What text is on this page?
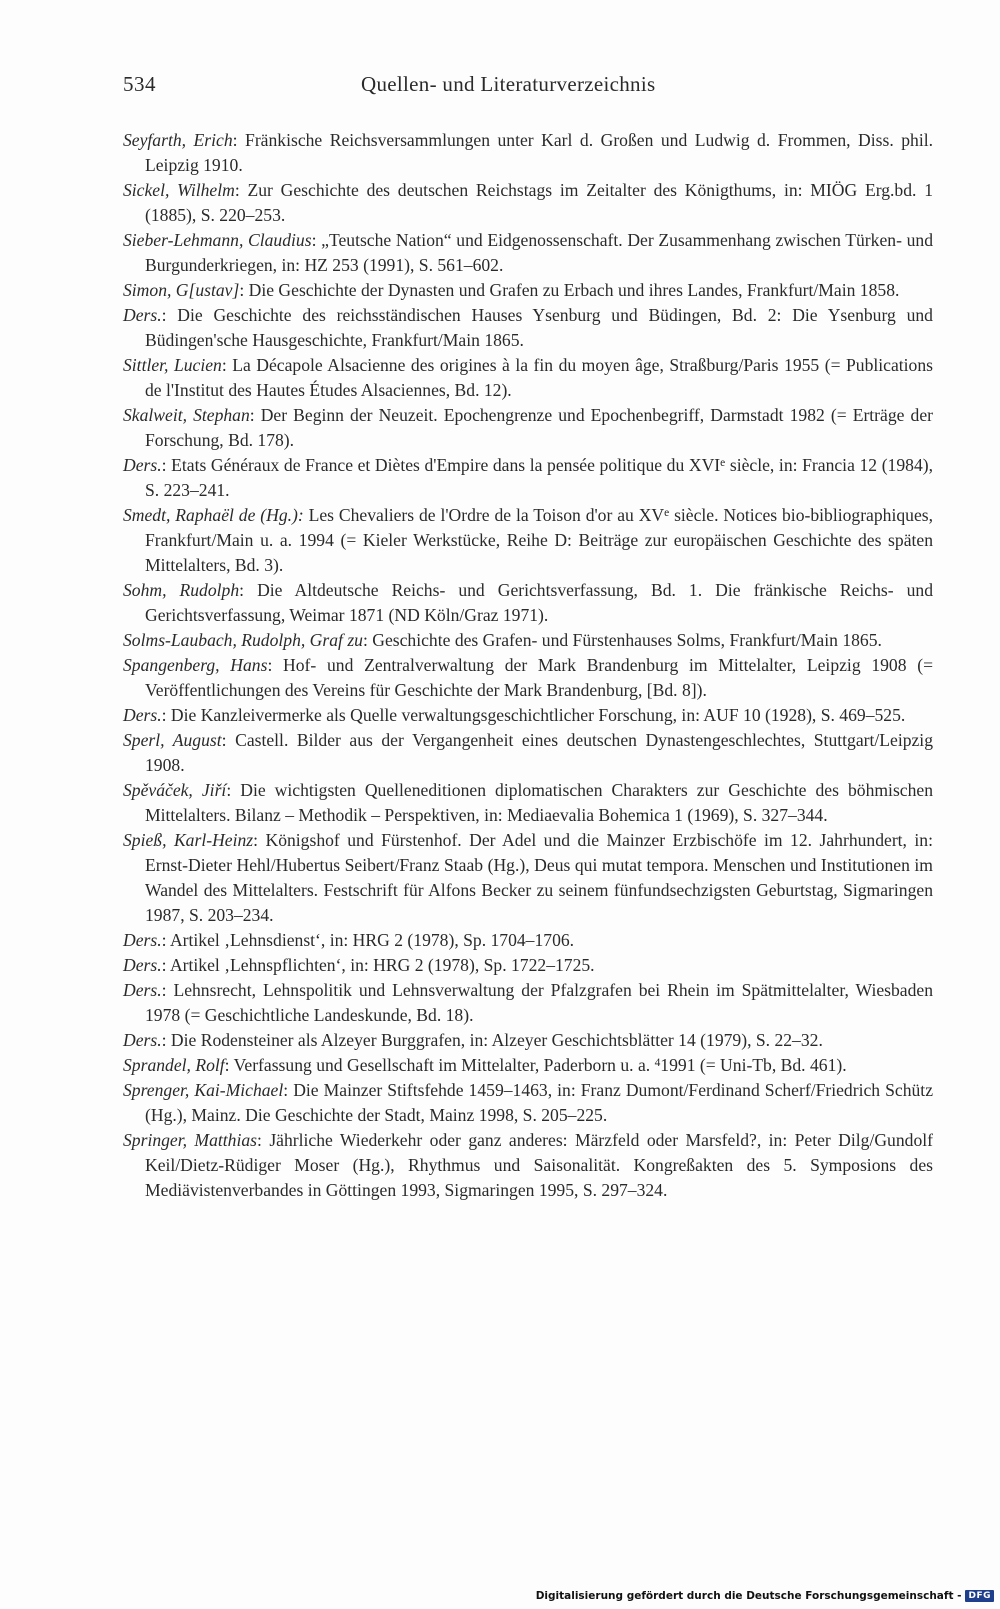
534	Quellen- und Literaturverzeichnis

Seyfarth, Erich: Fränkische Reichsversammlungen unter Karl d. Großen und Ludwig d. Frommen, Diss. phil. Leipzig 1910.

Sickel, Wilhelm: Zur Geschichte des deutschen Reichstags im Zeitalter des Königthums, in: MIÖG Erg.bd. 1 (1885), S. 220–253.

Sieber-Lehmann, Claudius: „Teutsche Nation“ und Eidgenossenschaft. Der Zusammenhang zwischen Türken- und Burgunderkriegen, in: HZ 253 (1991), S. 561–602.

Simon, G[ustav]: Die Geschichte der Dynasten und Grafen zu Erbach und ihres Landes, Frankfurt/Main 1858.

Ders.: Die Geschichte des reichsständischen Hauses Ysenburg und Büdingen, Bd. 2: Die Ysenburg und Büdingen'sche Hausgeschichte, Frankfurt/Main 1865.

Sittler, Lucien: La Décapole Alsacienne des origines à la fin du moyen âge, Straßburg/Paris 1955 (= Publications de l'Institut des Hautes Études Alsaciennes, Bd. 12).

Skalweit, Stephan: Der Beginn der Neuzeit. Epochengrenze und Epochenbegriff, Darmstadt 1982 (= Erträge der Forschung, Bd. 178).

Ders.: Etats Généraux de France et Diètes d'Empire dans la pensée politique du XVIe siècle, in: Francia 12 (1984), S. 223–241.

Smedt, Raphaël de (Hg.): Les Chevaliers de l'Ordre de la Toison d'or au XVe siècle. Notices bio-bibliographiques, Frankfurt/Main u. a. 1994 (= Kieler Werkstücke, Reihe D: Beiträge zur europäischen Geschichte des späten Mittelalters, Bd. 3).

Sohm, Rudolph: Die Altdeutsche Reichs- und Gerichtsverfassung, Bd. 1. Die fränkische Reichs- und Gerichtsverfassung, Weimar 1871 (ND Köln/Graz 1971).

Solms-Laubach, Rudolph, Graf zu: Geschichte des Grafen- und Fürstenhauses Solms, Frankfurt/Main 1865.

Spangenberg, Hans: Hof- und Zentralverwaltung der Mark Brandenburg im Mittelalter, Leipzig 1908 (= Veröffentlichungen des Vereins für Geschichte der Mark Brandenburg, [Bd. 8]).

Ders.: Die Kanzleivermerke als Quelle verwaltungsgeschichtlicher Forschung, in: AUF 10 (1928), S. 469–525.

Sperl, August: Castell. Bilder aus der Vergangenheit eines deutschen Dynastengeschlechtes, Stuttgart/Leipzig 1908.

Spěváček, Jiří: Die wichtigsten Quelleneditionen diplomatischen Charakters zur Geschichte des böhmischen Mittelalters. Bilanz – Methodik – Perspektiven, in: Mediaevalia Bohemica 1 (1969), S. 327–344.

Spieß, Karl-Heinz: Königshof und Fürstenhof. Der Adel und die Mainzer Erzbischöfe im 12. Jahrhundert, in: Ernst-Dieter Hehl/Hubertus Seibert/Franz Staab (Hg.), Deus qui mutat tempora. Menschen und Institutionen im Wandel des Mittelalters. Festschrift für Alfons Becker zu seinem fünfundsechzigsten Geburtstag, Sigmaringen 1987, S. 203–234.

Ders.: Artikel ‚Lehnsdienst‘, in: HRG 2 (1978), Sp. 1704–1706.

Ders.: Artikel ‚Lehnspflichten‘, in: HRG 2 (1978), Sp. 1722–1725.

Ders.: Lehnsrecht, Lehnspolitik und Lehnsverwaltung der Pfalzgrafen bei Rhein im Spätmittelalter, Wiesbaden 1978 (= Geschichtliche Landeskunde, Bd. 18).

Ders.: Die Rodensteiner als Alzeyer Burggrafen, in: Alzeyer Geschichtsblätter 14 (1979), S. 22–32.

Sprandel, Rolf: Verfassung und Gesellschaft im Mittelalter, Paderborn u. a. $^4$1991 (= Uni-Tb, Bd. 461).

Sprenger, Kai-Michael: Die Mainzer Stiftsfehde 1459–1463, in: Franz Dumont/Ferdinand Scherf/Friedrich Schütz (Hg.), Mainz. Die Geschichte der Stadt, Mainz 1998, S. 205–225.

Springer, Matthias: Jährliche Wiederkehr oder ganz anderes: Märzfeld oder Marsfeld?, in: Peter Dilg/Gundolf Keil/Dietz-Rüdiger Moser (Hg.), Rhythmus und Saisonalität. Kongreßakten des 5. Symposions des Mediävistenverbandes in Göttingen 1993, Sigmaringen 1995, S. 297–324.

Digitalisierung gefördert durch die Deutsche Forschungsgemeinschaft - DFG
